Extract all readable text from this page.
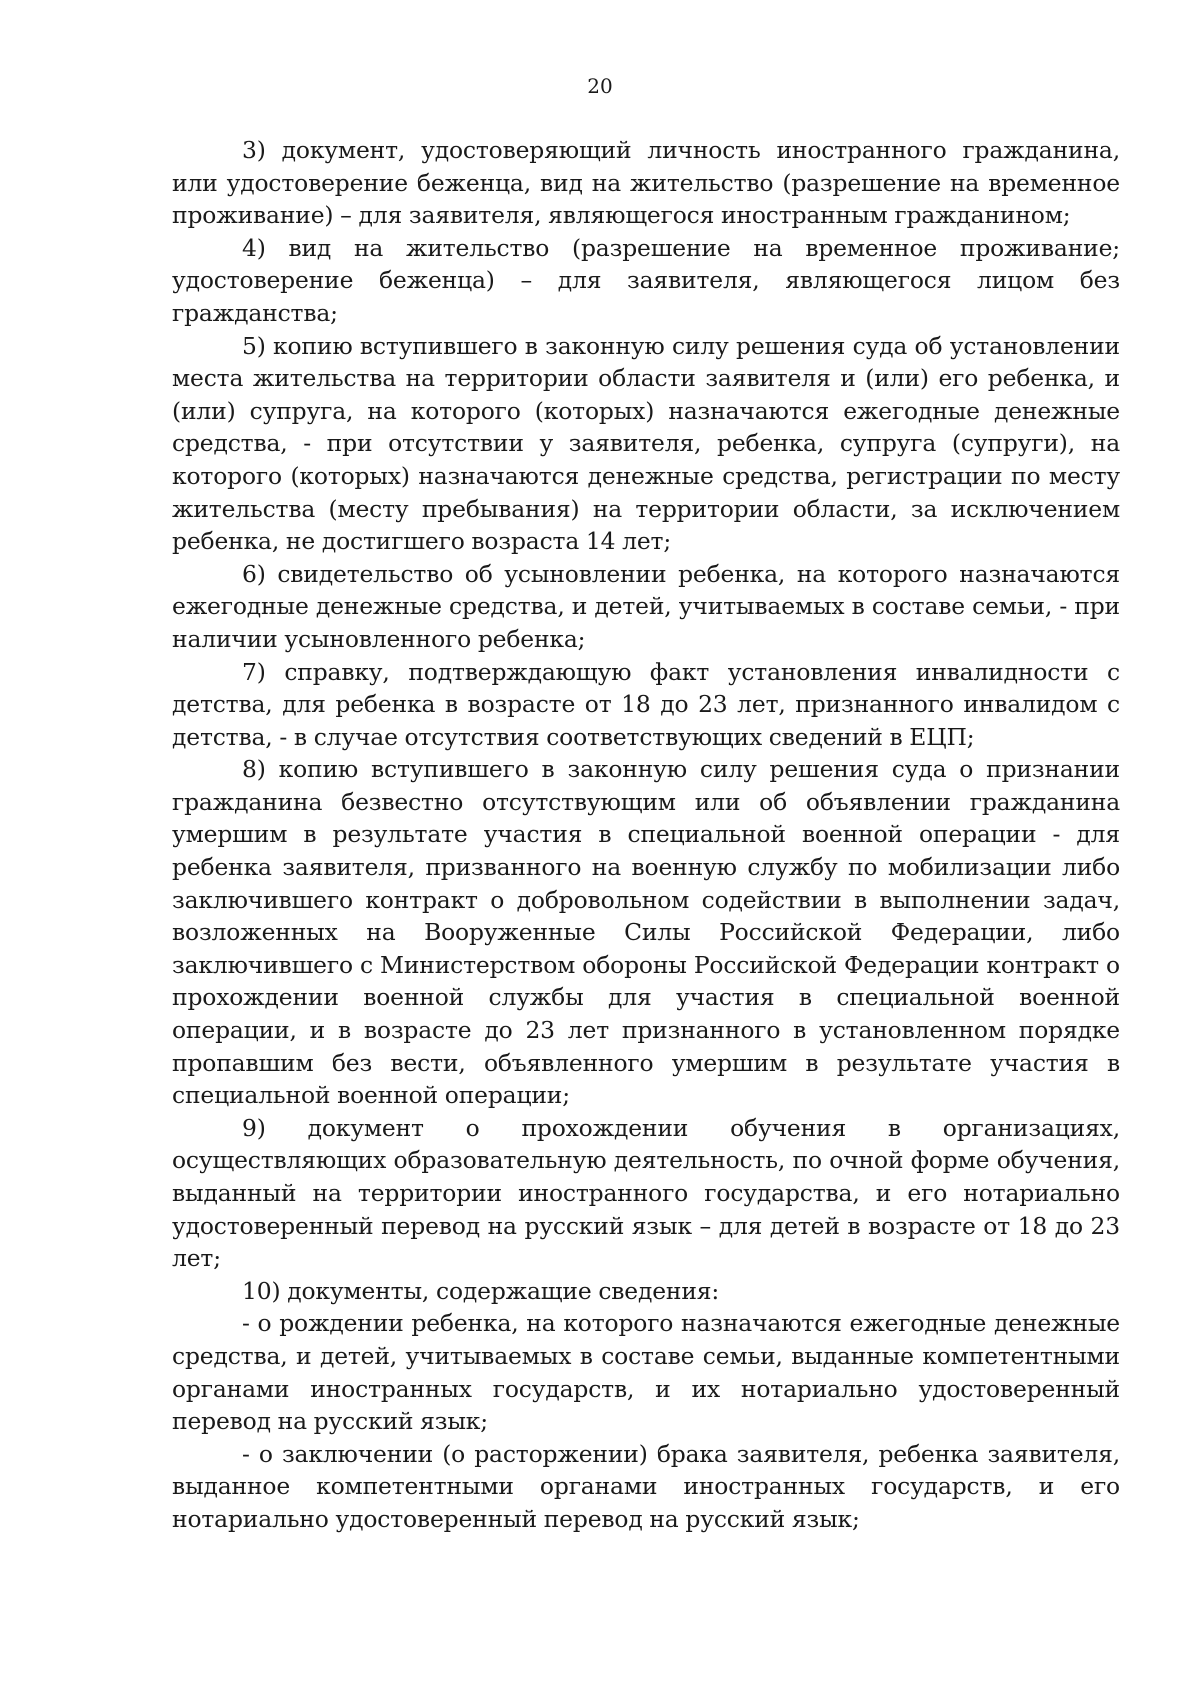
20

3) документ, удостоверяющий личность иностранного гражданина, или удостоверение беженца, вид на жительство (разрешение на временное проживание) – для заявителя, являющегося иностранным гражданином;

4) вид на жительство (разрешение на временное проживание; удостоверение беженца) – для заявителя, являющегося лицом без гражданства;

5) копию вступившего в законную силу решения суда об установлении места жительства на территории области заявителя и (или) его ребенка, и (или) супруга, на которого (которых) назначаются ежегодные денежные средства, - при отсутствии у заявителя, ребенка, супруга (супруги), на которого (которых) назначаются денежные средства, регистрации по месту жительства (месту пребывания) на территории области, за исключением ребенка, не достигшего возраста 14 лет;

6) свидетельство об усыновлении ребенка, на которого назначаются ежегодные денежные средства, и детей, учитываемых в составе семьи, - при наличии усыновленного ребенка;

7) справку, подтверждающую факт установления инвалидности с детства, для ребенка в возрасте от 18 до 23 лет, признанного инвалидом с детства, - в случае отсутствия соответствующих сведений в ЕЦП;

8) копию вступившего в законную силу решения суда о признании гражданина безвестно отсутствующим или об объявлении гражданина умершим в результате участия в специальной военной операции - для ребенка заявителя, призванного на военную службу по мобилизации либо заключившего контракт о добровольном содействии в выполнении задач, возложенных на Вооруженные Силы Российской Федерации, либо заключившего с Министерством обороны Российской Федерации контракт о прохождении военной службы для участия в специальной военной операции, и в возрасте до 23 лет признанного в установленном порядке пропавшим без вести, объявленного умершим в результате участия в специальной военной операции;

9) документ о прохождении обучения в организациях, осуществляющих образовательную деятельность, по очной форме обучения, выданный на территории иностранного государства, и его нотариально удостоверенный перевод на русский язык – для детей в возрасте от 18 до 23 лет;

10) документы, содержащие сведения:

- о рождении ребенка, на которого назначаются ежегодные денежные средства, и детей, учитываемых в составе семьи, выданные компетентными органами иностранных государств, и их нотариально удостоверенный перевод на русский язык;

- о заключении (о расторжении) брака заявителя, ребенка заявителя, выданное компетентными органами иностранных государств, и его нотариально удостоверенный перевод на русский язык;
